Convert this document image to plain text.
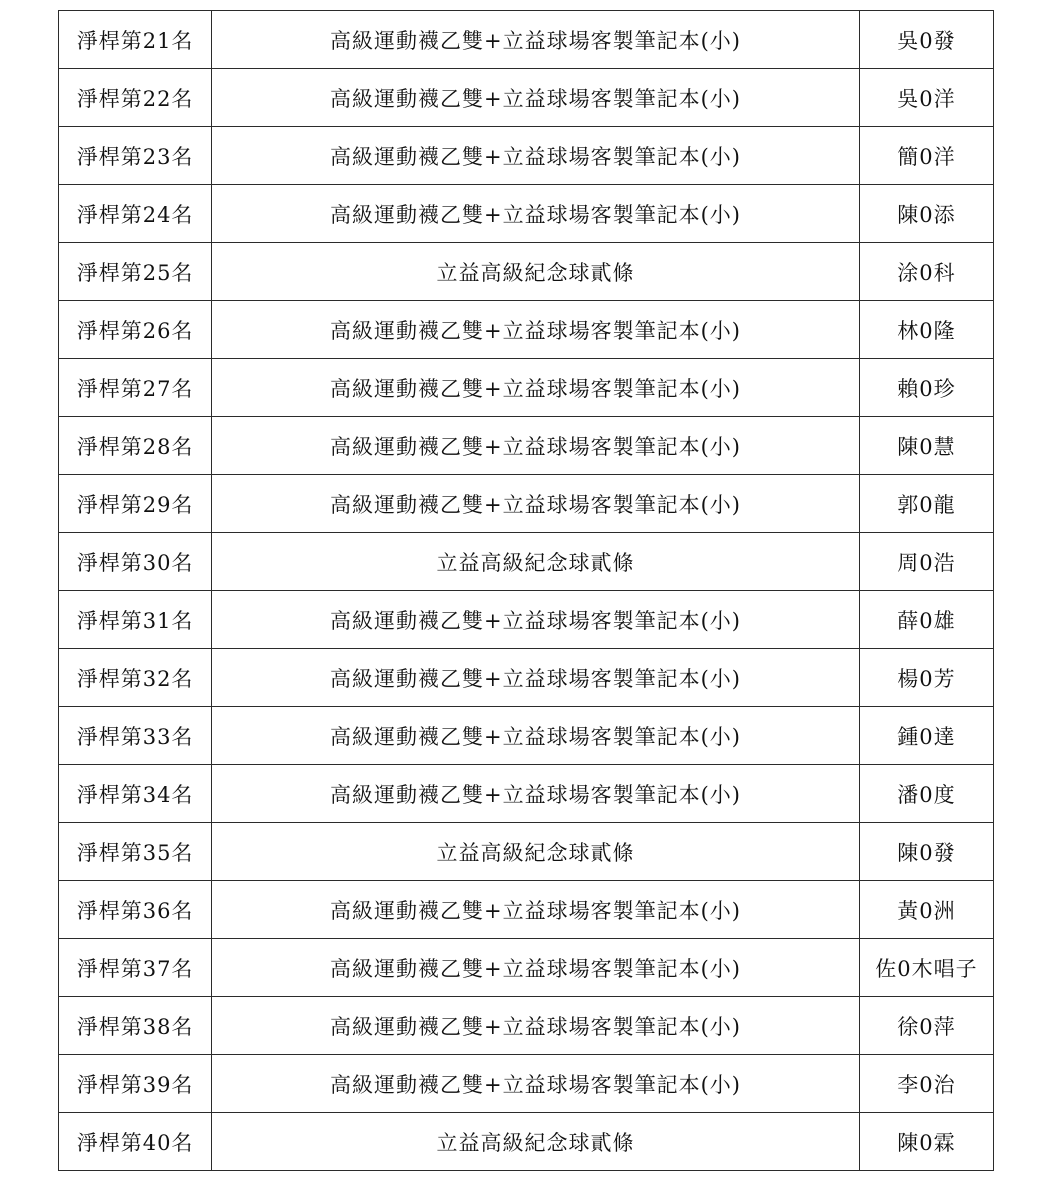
淨桿第21名	高級運動襪乙雙+立益球場客製筆記本(小)	吳0發
淨桿第22名	高級運動襪乙雙+立益球場客製筆記本(小)	吳0洋
淨桿第23名	高級運動襪乙雙+立益球場客製筆記本(小)	簡0洋
淨桿第24名	高級運動襪乙雙+立益球場客製筆記本(小)	陳0添
淨桿第25名	立益高級紀念球貳條	涂0科
淨桿第26名	高級運動襪乙雙+立益球場客製筆記本(小)	林0隆
淨桿第27名	高級運動襪乙雙+立益球場客製筆記本(小)	賴0珍
淨桿第28名	高級運動襪乙雙+立益球場客製筆記本(小)	陳0慧
淨桿第29名	高級運動襪乙雙+立益球場客製筆記本(小)	郭0龍
淨桿第30名	立益高級紀念球貳條	周0浩
淨桿第31名	高級運動襪乙雙+立益球場客製筆記本(小)	薛0雄
淨桿第32名	高級運動襪乙雙+立益球場客製筆記本(小)	楊0芳
淨桿第33名	高級運動襪乙雙+立益球場客製筆記本(小)	鍾0達
淨桿第34名	高級運動襪乙雙+立益球場客製筆記本(小)	潘0度
淨桿第35名	立益高級紀念球貳條	陳0發
淨桿第36名	高級運動襪乙雙+立益球場客製筆記本(小)	黃0洲
淨桿第37名	高級運動襪乙雙+立益球場客製筆記本(小)	佐0木唱子
淨桿第38名	高級運動襪乙雙+立益球場客製筆記本(小)	徐0萍
淨桿第39名	高級運動襪乙雙+立益球場客製筆記本(小)	李0治
淨桿第40名	立益高級紀念球貳條	陳0霖
